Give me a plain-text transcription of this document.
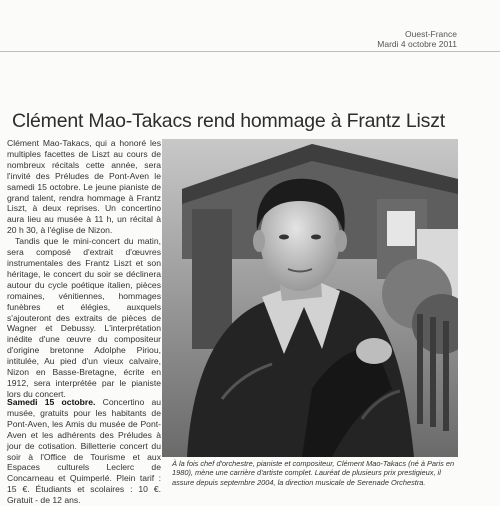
Ouest-France
Mardi 4 octobre 2011
Clément Mao-Takacs rend hommage à Frantz Liszt

Clément Mao-Takacs, qui a honoré les multiples facettes de Liszt au cours de nombreux récitals cette année, sera l'invité des Préludes de Pont-Aven le samedi 15 octobre. Le jeune pianiste de grand talent, rendra hommage à Frantz Liszt, à deux reprises. Un concertino aura lieu au musée à 11 h, un récital à 20 h 30, à l'église de Nizon.

Tandis que le mini-concert du matin, sera composé d'extrait d'œuvres instrumentales des Frantz Liszt et son héritage, le concert du soir se déclinera autour du cycle poétique italien, pièces romaines, vénitiennes, hommages funèbres et élégies, auxquels s'ajouteront des extraits de pièces de Wagner et Debussy. L'interprétation inédite d'une œuvre du compositeur d'origine bretonne Adolphe Piriou, intitulée, Au pied d'un vieux calvaire, Nizon en Basse-Bretagne, écrite en 1912, sera interprétée par le pianiste lors du concert.

Samedi 15 octobre. Concertino au musée, gratuits pour les habitants de Pont-Aven, les Amis du musée de Pont-Aven et les adhérents des Préludes à jour de cotisation. Billetterie concert du soir à l'Office de Tourisme et aux Espaces culturels Leclerc de Concarneau et Quimperlé. Plein tarif : 15 €. Étudiants et scolaires : 10 €. Gratuit - de 12 ans.

À la fois chef d'orchestre, pianiste et compositeur, Clément Mao-Takacs (né à Paris en 1980), mène une carrière d'artiste complet. Lauréat de plusieurs prix prestigieux, il assure depuis septembre 2004, la direction musicale de Serenade Orchestra.
